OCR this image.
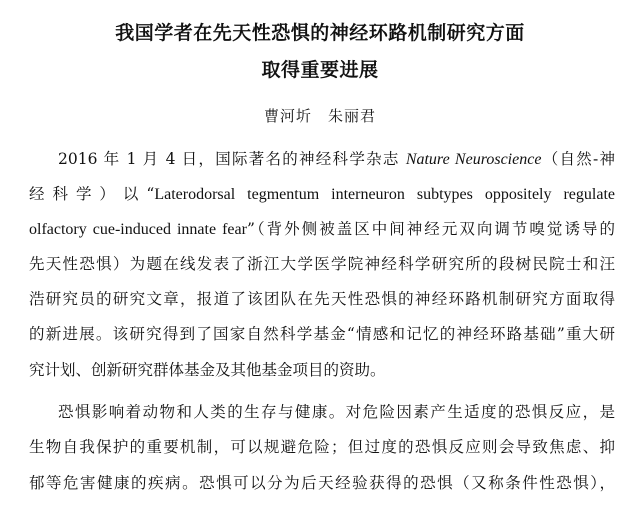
我国学者在先天性恐惧的神经环路机制研究方面
取得重要进展
曹河圻　朱丽君
2016 年 1 月 4 日，国际著名的神经科学杂志 Nature Neuroscience（自然-神
经科学）以“Laterodorsal tegmentum interneuron subtypes oppositely regulate
olfactory cue-induced innate fear”（背外侧被盖区中间神经元双向调节嗅觉诱导的
先天性恐惧）为题在线发表了浙江大学医学院神经科学研究所的段树民院士和汪
浩研究员的研究文章，报道了该团队在先天性恐惧的神经环路机制研究方面取得
的新进展。该研究得到了国家自然科学基金“情感和记忆的神经环路基础”重大研
究计划、创新研究群体基金及其他基金项目的资助。
恐惧影响着动物和人类的生存与健康。对危险因素产生适度的恐惧反应，是
生物自我保护的重要机制，可以规避危险；但过度的恐惧反应则会导致焦虑、抑
郁等危害健康的疾病。恐惧可以分为后天经验获得的恐惧（又称条件性恐惧），
